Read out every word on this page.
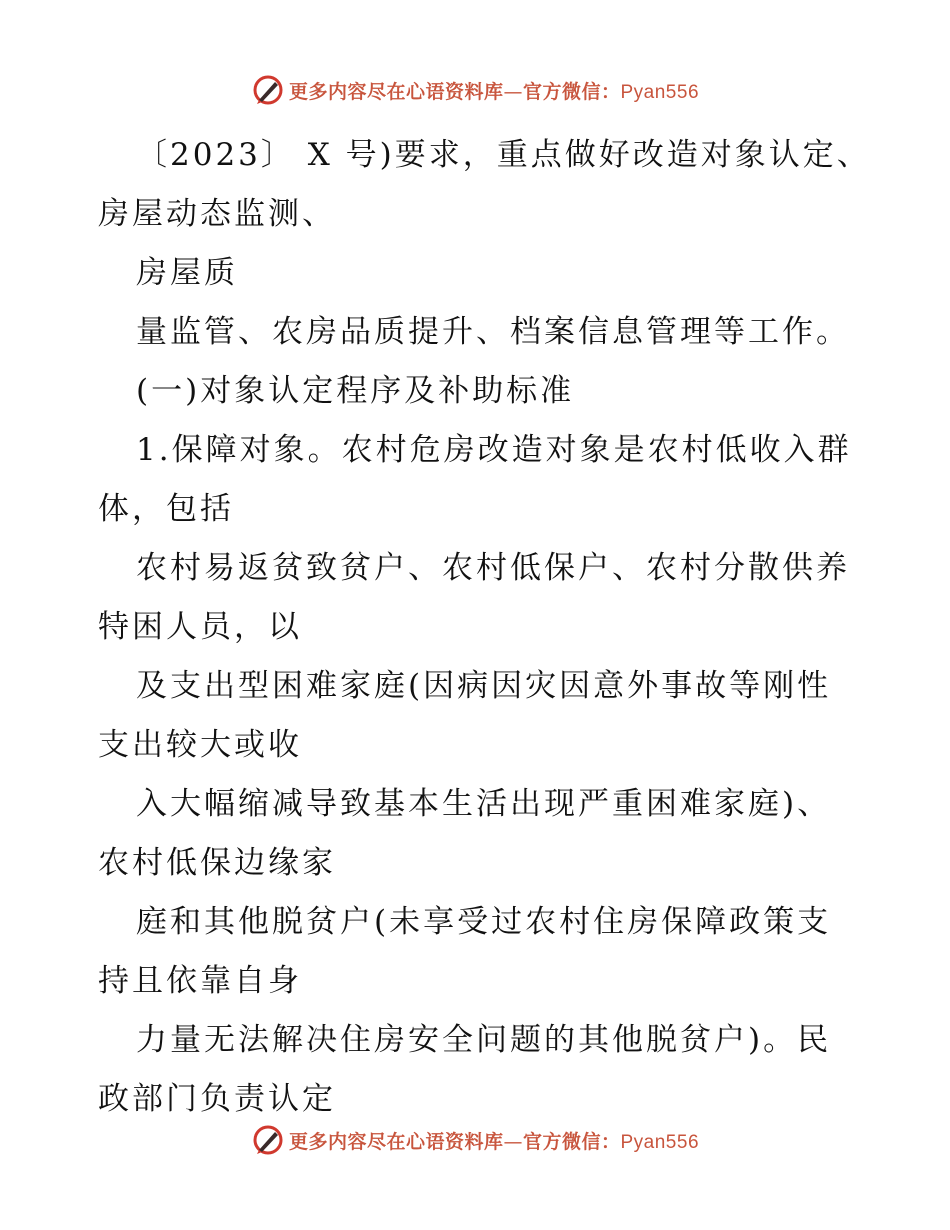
更多内容尽在心语资料库—官方微信：Pyan556
〔2023〕 X 号)要求，重点做好改造对象认定、
房屋动态监测、
房屋质
量监管、农房品质提升、档案信息管理等工作。
(一)对象认定程序及补助标准
1.保障对象。农村危房改造对象是农村低收入群
体，包括
农村易返贫致贫户、农村低保户、农村分散供养
特困人员，以
及支出型困难家庭(因病因灾因意外事故等刚性
支出较大或收
入大幅缩减导致基本生活出现严重困难家庭)、
农村低保边缘家
庭和其他脱贫户(未享受过农村住房保障政策支
持且依靠自身
力量无法解决住房安全问题的其他脱贫户)。民
政部门负责认定
更多内容尽在心语资料库—官方微信：Pyan556
